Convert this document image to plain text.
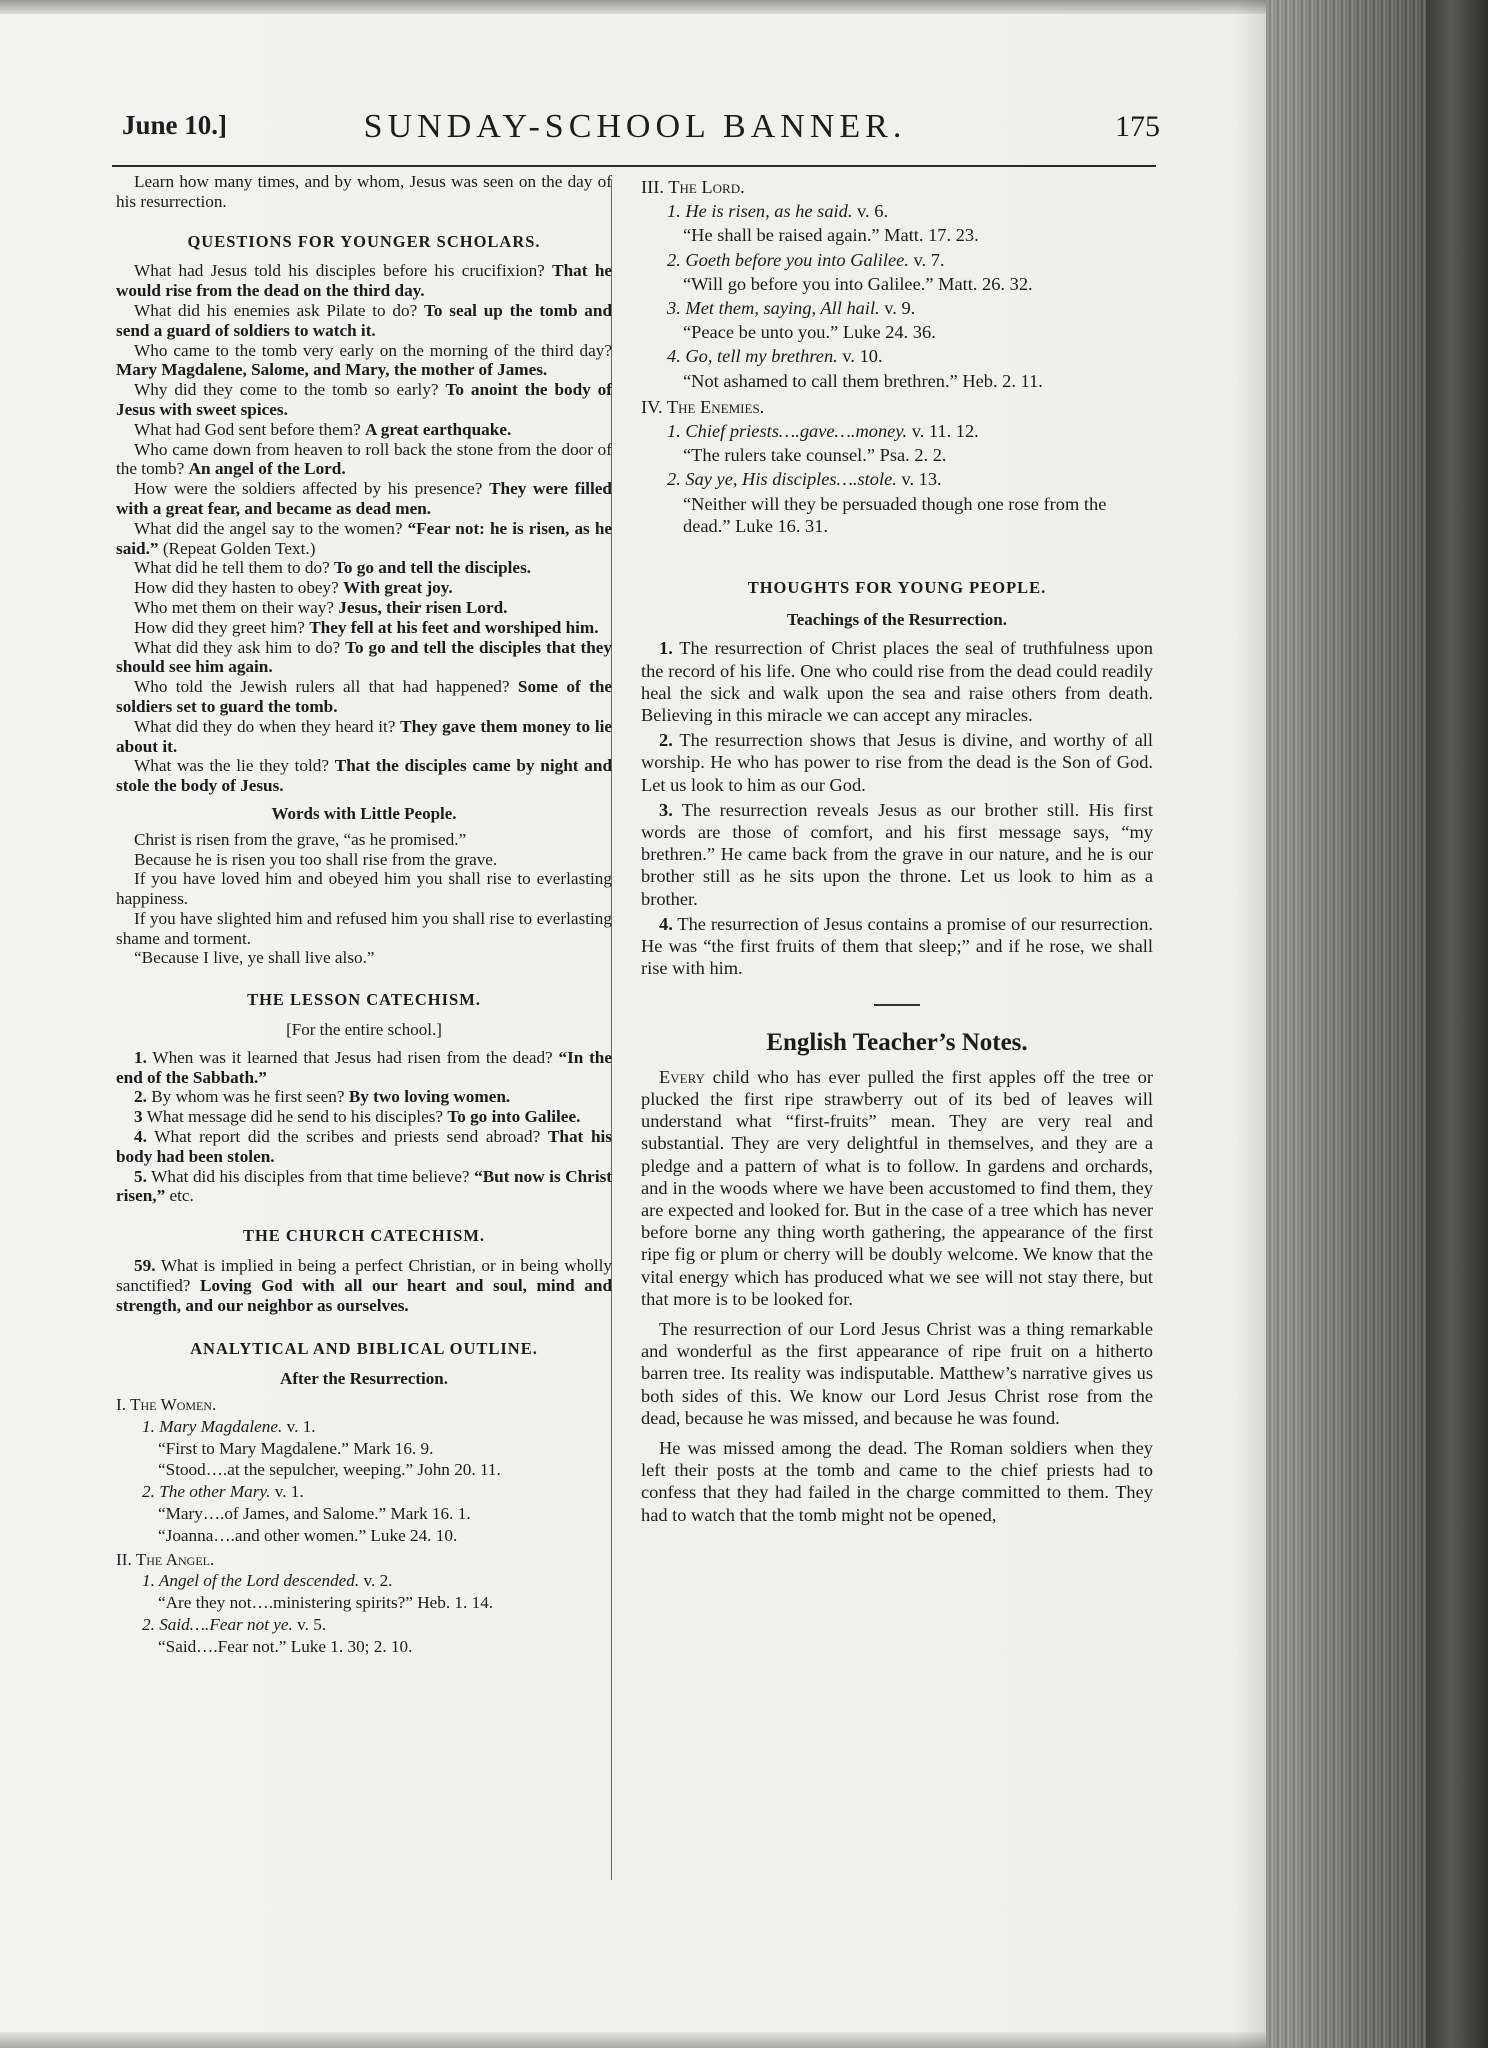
June 10.]	SUNDAY-SCHOOL BANNER.	175

Learn how many times, and by whom, Jesus was seen on the day of his resurrection.

QUESTIONS FOR YOUNGER SCHOLARS.

What had Jesus told his disciples before his crucifixion? That he would rise from the dead on the third day.

What did his enemies ask Pilate to do? To seal up the tomb and send a guard of soldiers to watch it.

Who came to the tomb very early on the morning of the third day? Mary Magdalene, Salome, and Mary, the mother of James.

Why did they come to the tomb so early? To anoint the body of Jesus with sweet spices.

What had God sent before them? A great earthquake.

Who came down from heaven to roll back the stone from the door of the tomb? An angel of the Lord.

How were the soldiers affected by his presence? They were filled with a great fear, and became as dead men.

What did the angel say to the women? “Fear not: he is risen, as he said.” (Repeat Golden Text.)

What did he tell them to do? To go and tell the disciples.

How did they hasten to obey? With great joy.

Who met them on their way? Jesus, their risen Lord.

How did they greet him? They fell at his feet and worshiped him.

What did they ask him to do? To go and tell the disciples that they should see him again.

Who told the Jewish rulers all that had happened? Some of the soldiers set to guard the tomb.

What did they do when they heard it? They gave them money to lie about it.

What was the lie they told? That the disciples came by night and stole the body of Jesus.

Words with Little People.

Christ is risen from the grave, “as he promised.”

Because he is risen you too shall rise from the grave.

If you have loved him and obeyed him you shall rise to everlasting happiness.

If you have slighted him and refused him you shall rise to everlasting shame and torment.

“Because I live, ye shall live also.”

THE LESSON CATECHISM.
[For the entire school.]

1. When was it learned that Jesus had risen from the dead? “In the end of the Sabbath.”

2. By whom was he first seen? By two loving women.

3 What message did he send to his disciples? To go into Galilee.

4. What report did the scribes and priests send abroad? That his body had been stolen.

5. What did his disciples from that time believe? “But now is Christ risen,” etc.

THE CHURCH CATECHISM.

59. What is implied in being a perfect Christian, or in being wholly sanctified? Loving God with all our heart and soul, mind and strength, and our neighbor as ourselves.

ANALYTICAL AND BIBLICAL OUTLINE.
After the Resurrection.

I. The Women.

1. Mary Magdalene. v. 1.

“First to Mary Magdalene.” Mark 16. 9.

“Stood….at the sepulcher, weeping.” John 20. 11.

2. The other Mary. v. 1.

“Mary….of James, and Salome.” Mark 16. 1.

“Joanna….and other women.” Luke 24. 10.

II. The Angel.

1. Angel of the Lord descended. v. 2.

“Are they not….ministering spirits?” Heb. 1. 14.

2. Said….Fear not ye. v. 5.

“Said….Fear not.” Luke 1. 30; 2. 10.

III. The Lord.

1. He is risen, as he said. v. 6.

“He shall be raised again.” Matt. 17. 23.

2. Goeth before you into Galilee. v. 7.

“Will go before you into Galilee.” Matt. 26. 32.

3. Met them, saying, All hail. v. 9.

“Peace be unto you.” Luke 24. 36.

4. Go, tell my brethren. v. 10.

“Not ashamed to call them brethren.” Heb. 2. 11.

IV. The Enemies.

1. Chief priests….gave….money. v. 11. 12.

“The rulers take counsel.” Psa. 2. 2.

2. Say ye, His disciples….stole. v. 13.

“Neither will they be persuaded though one rose from the dead.” Luke 16. 31.

THOUGHTS FOR YOUNG PEOPLE.
Teachings of the Resurrection.

1. The resurrection of Christ places the seal of truthfulness upon the record of his life. One who could rise from the dead could readily heal the sick and walk upon the sea and raise others from death. Believing in this miracle we can accept any miracles.

2. The resurrection shows that Jesus is divine, and worthy of all worship. He who has power to rise from the dead is the Son of God. Let us look to him as our God.

3. The resurrection reveals Jesus as our brother still. His first words are those of comfort, and his first message says, “my brethren.” He came back from the grave in our nature, and he is our brother still as he sits upon the throne. Let us look to him as a brother.

4. The resurrection of Jesus contains a promise of our resurrection. He was “the first fruits of them that sleep;” and if he rose, we shall rise with him.

English Teacher’s Notes.

Every child who has ever pulled the first apples off the tree or plucked the first ripe strawberry out of its bed of leaves will understand what “first-fruits” mean. They are very real and substantial. They are very delightful in themselves, and they are a pledge and a pattern of what is to follow. In gardens and orchards, and in the woods where we have been accustomed to find them, they are expected and looked for. But in the case of a tree which has never before borne any thing worth gathering, the appearance of the first ripe fig or plum or cherry will be doubly welcome. We know that the vital energy which has produced what we see will not stay there, but that more is to be looked for.

The resurrection of our Lord Jesus Christ was a thing remarkable and wonderful as the first appearance of ripe fruit on a hitherto barren tree. Its reality was indisputable. Matthew’s narrative gives us both sides of this. We know our Lord Jesus Christ rose from the dead, because he was missed, and because he was found.

He was missed among the dead. The Roman soldiers when they left their posts at the tomb and came to the chief priests had to confess that they had failed in the charge committed to them. They had to watch that the tomb might not be opened,
